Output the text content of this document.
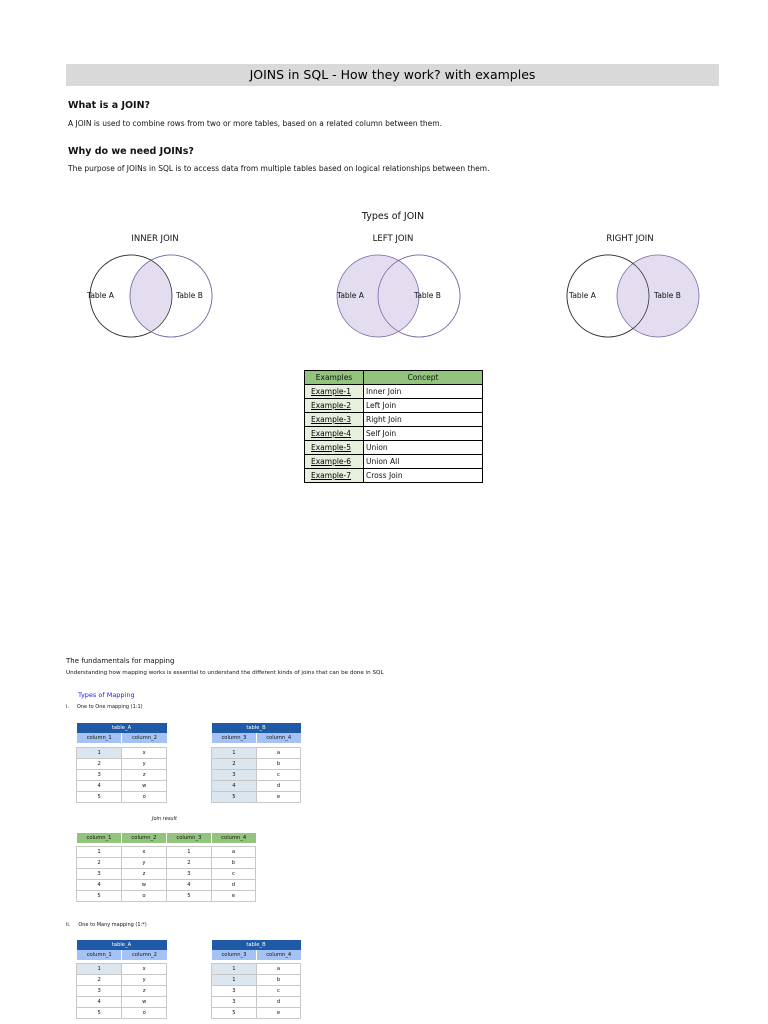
JOINS in SQL - How they work? with examples
What is a JOIN?
A JOIN is used to combine rows from two or more tables, based on a related column between them.
Why do we need JOINs?
The purpose of JOINs in SQL is to access data from multiple tables based on logical relationships between them.
Types of JOIN
INNER JOIN	LEFT JOIN	RIGHT JOIN
Table A	Table B	Table A	Table B	Table A	Table B
Examples	Concept
Example-1	Inner Join
Example-2	Left Join
Example-3	Right Join
Example-4	Self Join
Example-5	Union
Example-6	Union All
Example-7	Cross Join
The fundamentals for mapping
Understanding how mapping works is essential to understand the different kinds of joins that can be done in SQL
Types of Mapping
i.     One to One mapping (1:1)
table_A	
column_1	column_2

1	x
2	y
3	z
4	w
5	o
table_B	
column_3	column_4

1	a
2	b
3	c
4	d
5	e
Join result
column_1	column_2	column_3	column_4

1	x	1	a
2	y	2	b
3	z	3	c
4	w	4	d
5	o	5	e
ii.     One to Many mapping (1:*)
table_A	
column_1	column_2

1	x
2	y
3	z
4	w
5	o
table_B	
column_3	column_4

1	a
1	b
3	c
3	d
5	e
